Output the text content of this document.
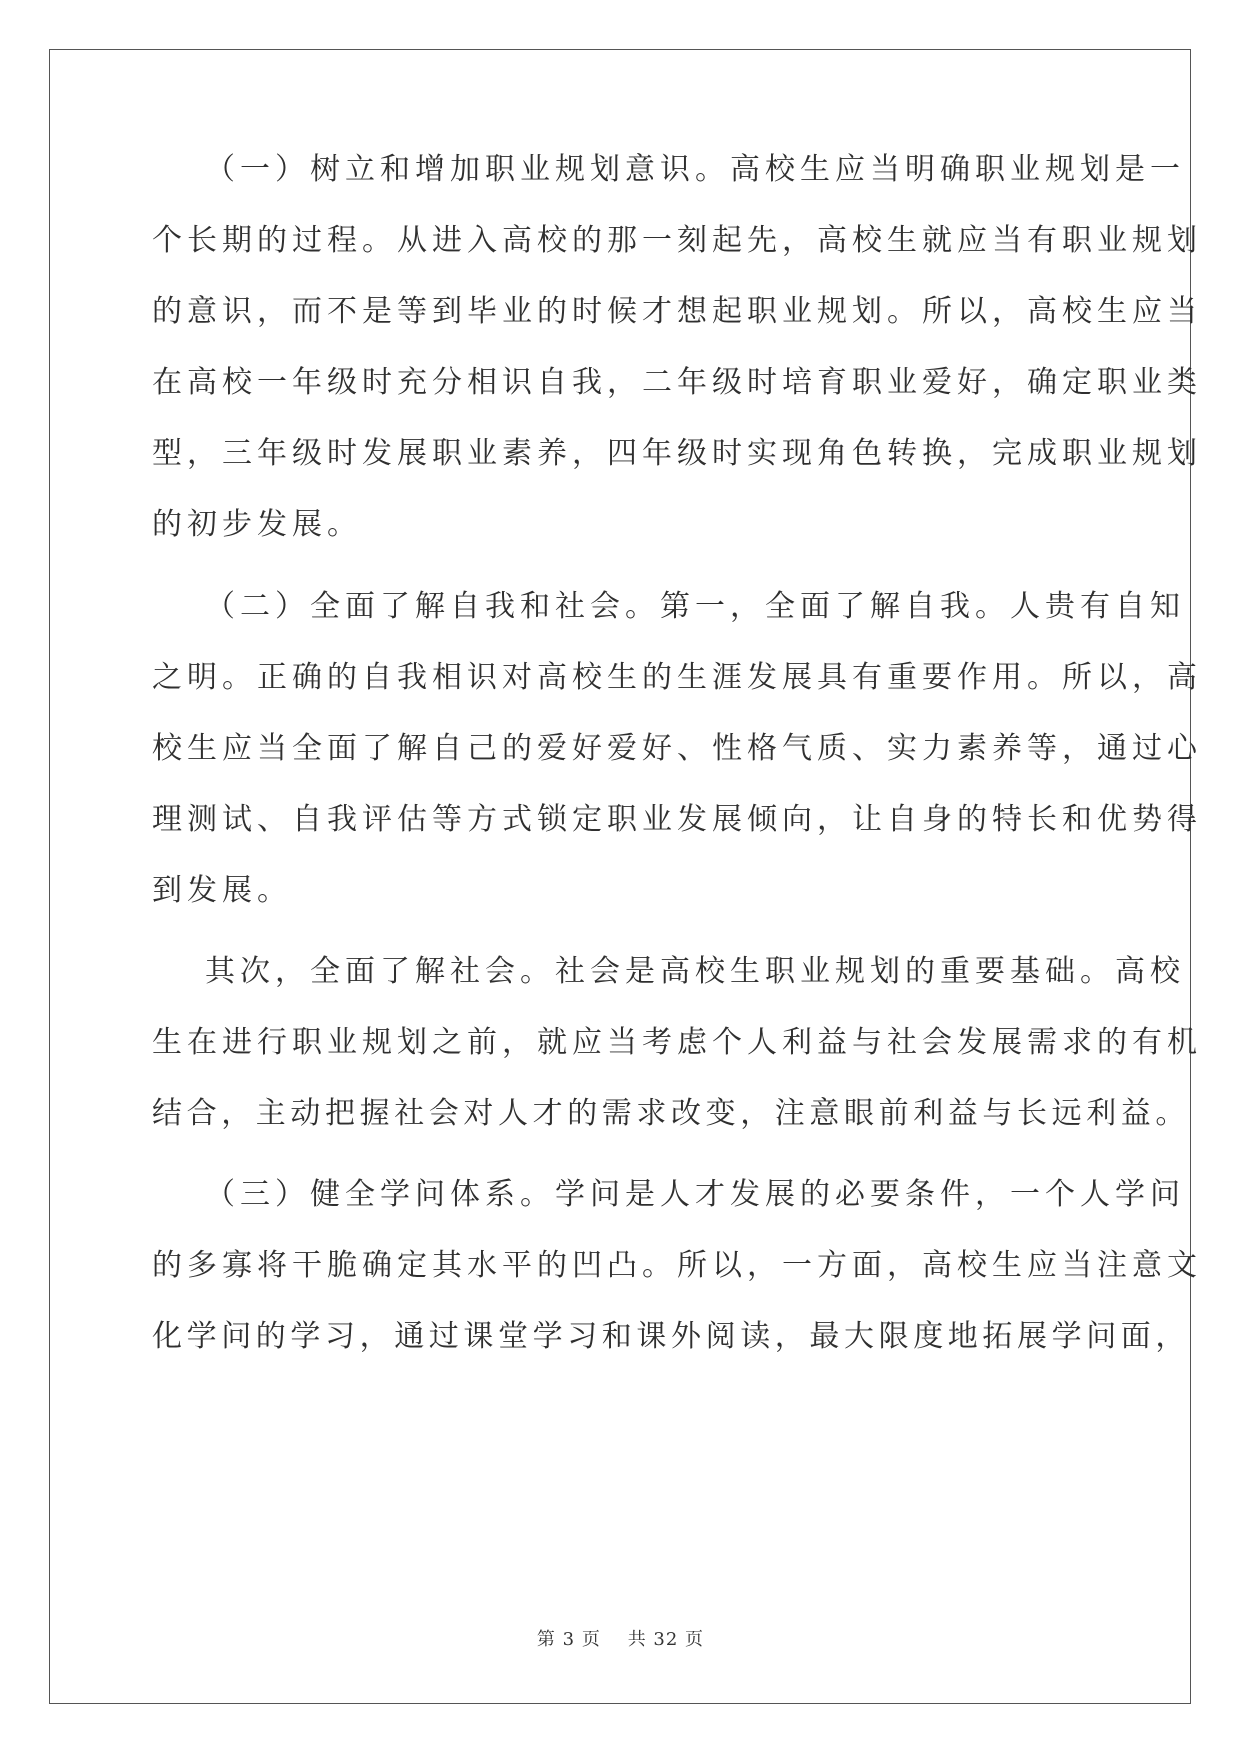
（一）树立和增加职业规划意识。高校生应当明确职业规划是一
个长期的过程。从进入高校的那一刻起先，高校生就应当有职业规划
的意识，而不是等到毕业的时候才想起职业规划。所以，高校生应当
在高校一年级时充分相识自我，二年级时培育职业爱好，确定职业类
型，三年级时发展职业素养，四年级时实现角色转换，完成职业规划
的初步发展。
（二）全面了解自我和社会。第一，全面了解自我。人贵有自知
之明。正确的自我相识对高校生的生涯发展具有重要作用。所以，高
校生应当全面了解自己的爱好爱好、性格气质、实力素养等，通过心
理测试、自我评估等方式锁定职业发展倾向，让自身的特长和优势得
到发展。
其次，全面了解社会。社会是高校生职业规划的重要基础。高校
生在进行职业规划之前，就应当考虑个人利益与社会发展需求的有机
结合，主动把握社会对人才的需求改变，注意眼前利益与长远利益。
（三）健全学问体系。学问是人才发展的必要条件，一个人学问
的多寡将干脆确定其水平的凹凸。所以，一方面，高校生应当注意文
化学问的学习，通过课堂学习和课外阅读，最大限度地拓展学问面，
第 3 页    共 32 页
